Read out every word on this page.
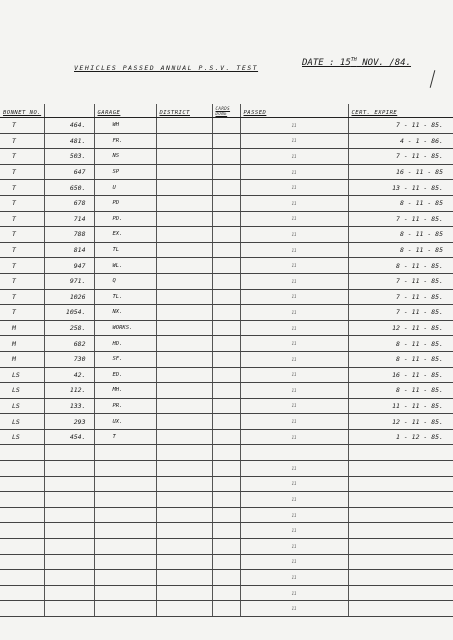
VEHICLES PASSED ANNUAL P.S.V. TEST	DATE : 15TH NOV. /84.
BONNET NO.		GARAGE	DISTRICT	CARDS DONE	PASSED	CERT. EXPIRE
T	464.	WH			11	7 - 11 - 85.
T	481.	FR.			11	4 - 1 - 86.
T	503.	NS			11	7 - 11 - 85.
T	647	SP			11	16 - 11 - 85
T	650.	U			11	13 - 11 - 85.
T	678	PD			11	8 - 11 - 85
T	714	PD.			11	7 - 11 - 85.
T	788	EX.			11	8 - 11 - 85
T	814	TL			11	8 - 11 - 85
T	947	WL.			11	8 - 11 - 85.
T	971.	Q			11	7 - 11 - 85.
T	1026	TL.			11	7 - 11 - 85.
T	1054.	NX.			11	7 - 11 - 85.
M	258.	WORKS.			11	12 - 11 - 85.
M	682	HD.			11	8 - 11 - 85.
M	730	SF.			11	8 - 11 - 85.
LS	42.	ED.			11	16 - 11 - 85.
LS	112.	MH.			11	8 - 11 - 85.
LS	133.	PR.			11	11 - 11 - 85.
LS	293	UX.			11	12 - 11 - 85.
LS	454.	T			11	1 - 12 - 85.

					11	
					11	
					11	
					11	
					11	
					11	
					11	
					11	
					11	
					11	
